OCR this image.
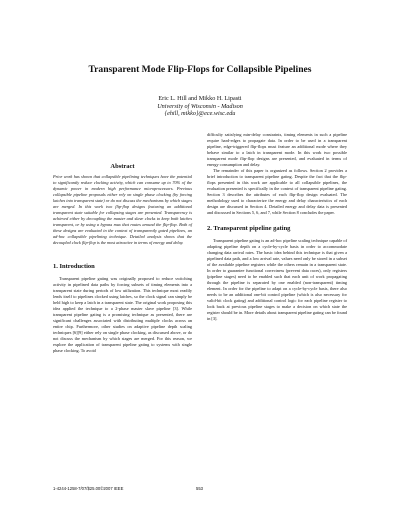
Transparent Mode Flip-Flops for Collapsible Pipelines
Eric L. Hill and Mikko H. Lipasti
University of Wisconsin - Madison
{ehill, mikko}@ece.wisc.edu
Abstract

Prior work has shown that collapsible pipelining techniques have the potential to significantly reduce clocking activity, which can consume up to 70% of the dynamic power in modern high performance microprocessors. Previous collapsible pipeline proposals either rely on single phase clocking (by forcing latches into transparent state) or do not discuss the mechanisms by which stages are merged. In this work two flip-flop designs featuring an additional transparent state suitable for collapsing stages are presented. Transparency is achieved either by decoupling the master and slave clocks to keep both latches transparent, or by using a bypass mux that routes around the flip-flop. Both of these designs are evaluated in the context of transparently gated pipelines, an ad-hoc collapsible pipelining technique. Detailed analysis shows that the decoupled clock flip-flop is the most attractive in terms of energy and delay.

1. Introduction

Transparent pipeline gating was originally proposed to reduce switching activity in pipelined data paths by forcing subsets of timing elements into a transparent state during periods of low utilization. This technique most readily lends itself to pipelines clocked using latches, so the clock signal can simply be held high to keep a latch in a transparent state. The original work proposing this idea applied the technique to a 2-phase master slave pipeline [3]. While transparent pipeline gating is a promising technique as presented, there are significant challenges associated with distributing multiple clocks across an entire chip. Furthermore, other studies on adaptive pipeline depth scaling techniques [6][9] either rely on single phase clocking, as discussed above, or do not discuss the mechanism by which stages are merged. For this reason, we explore the application of transparent pipeline gating to systems with single phase clocking. To avoid

difficulty satisfying min-delay constraints, timing elements in such a pipeline require hard-edges to propagate data. In order to be used in a transparent pipeline, edge-triggered flip-flops must feature an additional mode where they behave similar to a latch in transparent mode. In this work two possible transparent mode flip-flop designs are presented, and evaluated in terms of energy consumption and delay.

The remainder of this paper is organized as follows. Section 2 provides a brief introduction to transparent pipeline gating. Despite the fact that the flip-flops presented in this work are applicable to all collapsible pipelines, the evaluation presented is specifically in the context of transparent pipeline gating. Section 3 describes the attributes of each flip-flop design evaluated. The methodology used to characterize the energy and delay characteristics of each design are discussed in Section 4. Detailed energy and delay data is presented and discussed in Sections 5, 6, and 7, while Section 8 concludes the paper.

2. Transparent pipeline gating

Transparent pipeline gating is an ad-hoc pipeline scaling technique capable of adapting pipeline depth on a cycle-by-cycle basis in order to accommodate changing data arrival rates. The basic idea behind this technique is that given a pipelined data path, and a low arrival rate, values need only be stored in a subset of the available pipeline registers while the others remain in a transparent state. In order to guarantee functional correctness (prevent data races), only registers (pipeline stages) need to be enabled such that each unit of work propagating through the pipeline is separated by one enabled (non-transparent) timing element. In order for the pipeline to adapt on a cycle-by-cycle basis, there also needs to be an additional one-bit control pipeline (which is also necessary for valid-bit clock gating) and additional control logic for each pipeline register to look back at previous pipeline stages to make a decision on which state the register should be in. More details about transparent pipeline gating can be found in [3].

1-4244-1258-7/07/$25.00©2007 IEEE	553
